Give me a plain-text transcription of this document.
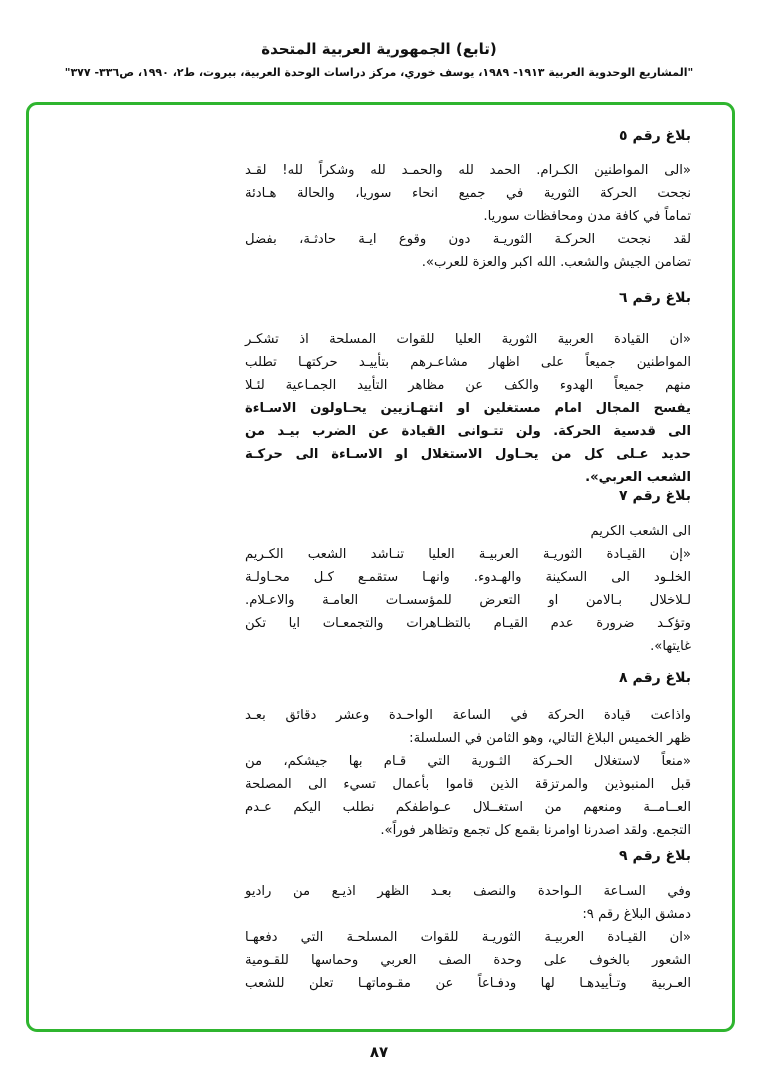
(تابع) الجمهورية العربية المتحدة
"المشاريع الوحدوية العربية ١٩١٣- ١٩٨٩، يوسف خوري، مركز دراسات الوحدة العربية، بيروت، ط٢، ١٩٩٠، ص٣٣٦- ٣٧٧"
بلاغ رقم ٥
«الى المواطنين الكـرام. الحمد لله والحمـد لله وشكراً لله! لقـد
نجحت الحركة الثورية في جميع انحاء سوريا، والحالة هـادئة
تماماً في كافة مدن ومحافظات سوريا.
لقد نجحت الحركـة الثوريـة دون وقوع ايـة حادثـة، بفضل
تضامن الجيش والشعب. الله اكبر والعزة للعرب».
بلاغ رقم ٦
«ان القيادة العربية الثورية العليا للقوات المسلحة اذ تشكـر
المواطنين جميعاً على اظهار مشاعـرهم بتأييـد حركتهـا تطلب
منهم جميعاً الهدوء والكف عن مظاهر التأييد الجمـاعية لئـلا
يفسح المجال امام مستغلين او انتهـازيين يحـاولون الاسـاءة
الى قدسية الحركة. ولن تتـوانى القيادة عن الضرب بيـد من
حديد عـلى كل من يحـاول الاستغلال او الاسـاءة الى حركـة
الشعب العربي».
بلاغ رقم ٧
الى الشعب الكريم
«إن القيـادة الثوريـة العربيـة العليا تنـاشد الشعب الكـريم
الخلـود الى السكينة والهـدوء. وانهـا ستقمـع كـل محـاولـة
لـلاخلال بـالامن او التعرض للمؤسسـات العامـة والاعـلام.
وتؤكـد ضرورة عدم القيـام بالتظـاهرات والتجمعـات ايا تكن
غايتها».
بلاغ رقم ٨
واذاعت قيادة الحركة في الساعة الواحـدة وعشر دقائق بعـد
ظهر الخميس البلاغ التالي، وهو الثامن في السلسلة:
«منعاً لاستغلال الحـركة الثـورية التي قـام بها جيشكم، من
قبل المنبوذين والمرتزقة الذين قاموا بأعمال تسيء الى المصلحة
العــامــة ومنعهم من استغــلال عـواطفكم نطلب اليكم عـدم
التجمع. ولقد اصدرنا اوامرنا بقمع كل تجمع وتظاهر فوراً».
بلاغ رقم ٩
وفي السـاعة الـواحدة والنصف بعـد الظهر اذيـع من راديو
دمشق البلاغ رقم ٩:
«ان القيـادة العربيـة الثوريـة للقوات المسلحـة التي دفعهـا
الشعور بالخوف على وحدة الصف العربي وحماسها للقـومية
العـربية وتـأييدهـا لها ودفـاعاً عن مقـوماتهـا تعلن للشعب
٨٧
